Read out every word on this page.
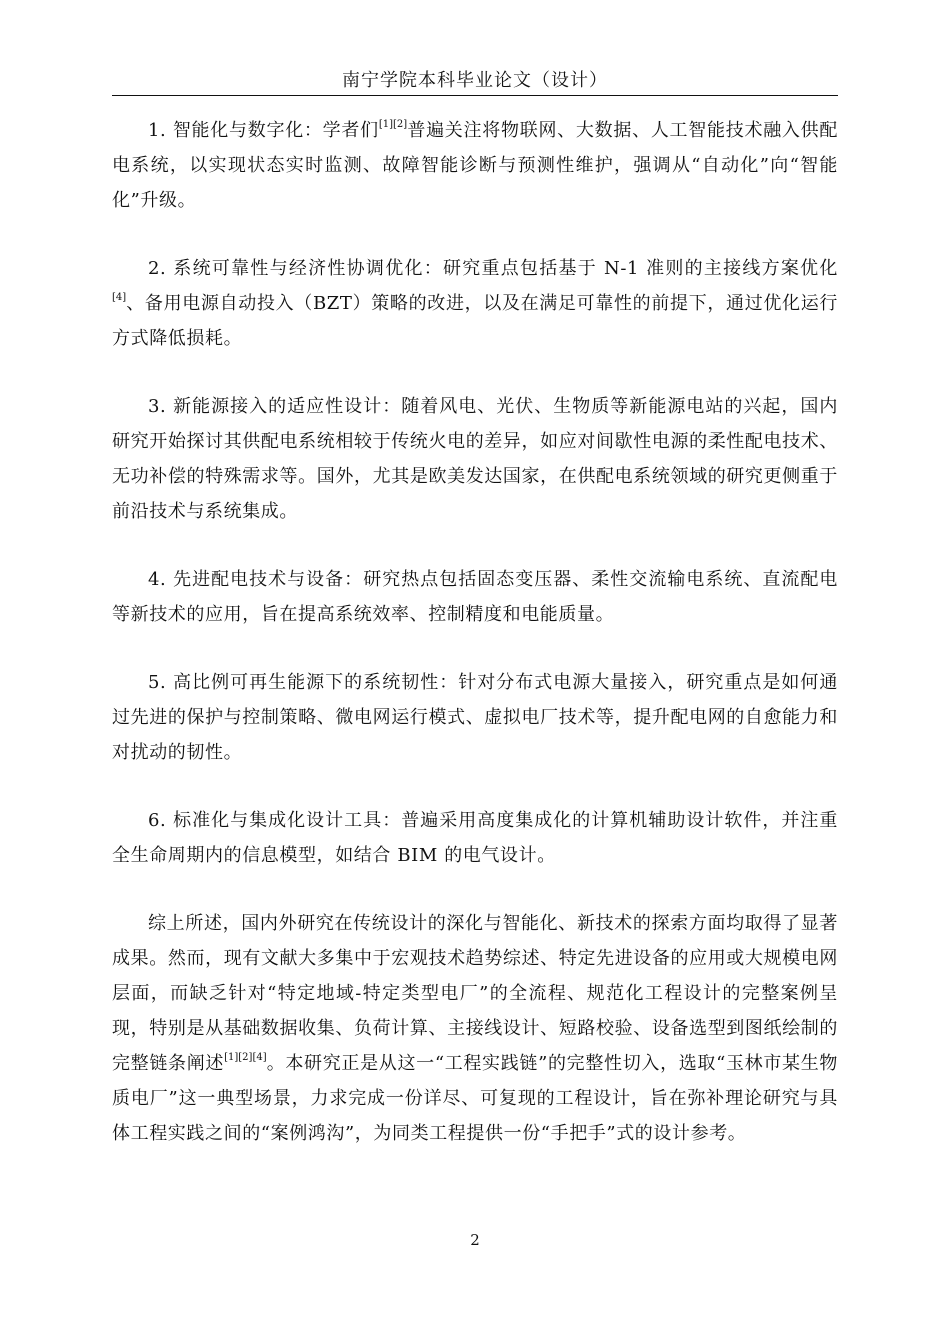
南宁学院本科毕业论文（设计）

1. 智能化与数字化：学者们[1][2]普遍关注将物联网、大数据、人工智能技术融入供配电系统，以实现状态实时监测、故障智能诊断与预测性维护，强调从“自动化”向“智能化”升级。

2. 系统可靠性与经济性协调优化：研究重点包括基于 N-1 准则的主接线方案优化[4]、备用电源自动投入（BZT）策略的改进，以及在满足可靠性的前提下，通过优化运行方式降低损耗。

3. 新能源接入的适应性设计：随着风电、光伏、生物质等新能源电站的兴起，国内研究开始探讨其供配电系统相较于传统火电的差异，如应对间歇性电源的柔性配电技术、无功补偿的特殊需求等。国外，尤其是欧美发达国家，在供配电系统领域的研究更侧重于前沿技术与系统集成。

4. 先进配电技术与设备：研究热点包括固态变压器、柔性交流输电系统、直流配电等新技术的应用，旨在提高系统效率、控制精度和电能质量。

5. 高比例可再生能源下的系统韧性：针对分布式电源大量接入，研究重点是如何通过先进的保护与控制策略、微电网运行模式、虚拟电厂技术等，提升配电网的自愈能力和对扰动的韧性。

6. 标准化与集成化设计工具：普遍采用高度集成化的计算机辅助设计软件，并注重全生命周期内的信息模型，如结合 BIM 的电气设计。

综上所述，国内外研究在传统设计的深化与智能化、新技术的探索方面均取得了显著成果。然而，现有文献大多集中于宏观技术趋势综述、特定先进设备的应用或大规模电网层面，而缺乏针对“特定地域-特定类型电厂”的全流程、规范化工程设计的完整案例呈现，特别是从基础数据收集、负荷计算、主接线设计、短路校验、设备选型到图纸绘制的完整链条阐述[1][2][4]。本研究正是从这一“工程实践链”的完整性切入，选取“玉林市某生物质电厂”这一典型场景，力求完成一份详尽、可复现的工程设计，旨在弥补理论研究与具体工程实践之间的“案例鸿沟”，为同类工程提供一份“手把手”式的设计参考。

2
